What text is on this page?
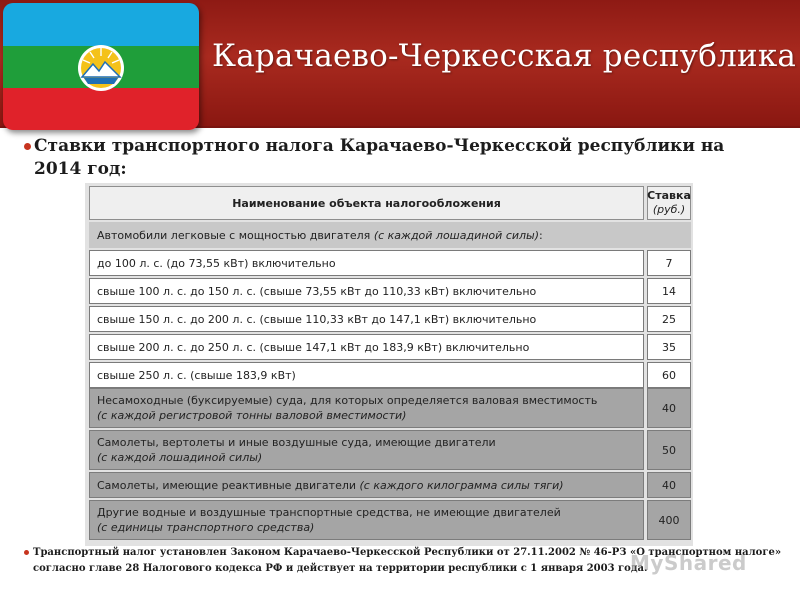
Карачаево-Черкесская республика
Ставки транспортного налога Карачаево-Черкесской республики на 2014 год:
Наименование объекта налогообложения
Ставка
(руб.)
Автомобили легковые с мощностью двигателя
(с каждой лошадиной силы) :
до 100 л. с. (до 73,55 кВт) включительно	7
свыше 100 л. с. до 150 л. с. (свыше 73,55 кВт до 110,33 кВт) включительно	14
свыше 150 л. с. до 200 л. с. (свыше 110,33 кВт до 147,1 кВт) включительно	25
свыше 200 л. с. до 250 л. с. (свыше 147,1 кВт до 183,9 кВт) включительно	35
свыше 250 л. с. (свыше 183,9 кВт)	60
Несамоходные (буксируемые) суда, для которых определяется валовая вместимость
(с каждой регистровой тонны валовой вместимости)
40
Самолеты, вертолеты и иные воздушные суда, имеющие двигатели
(с каждой лошадиной силы)
50
Самолеты, имеющие реактивные двигатели
(с каждого килограмма силы тяги)	40
Другие водные и воздушные транспортные средства, не имеющие двигателей
(с единицы транспортного средства)
400
Транспортный налог установлен Законом Карачаево-Черкесской Республики от 27.11.2002 № 46-РЗ «О транспортном налоге» согласно главе 28 Налогового кодекса РФ и действует на территории республики с 1 января 2003 года.
MyShared
